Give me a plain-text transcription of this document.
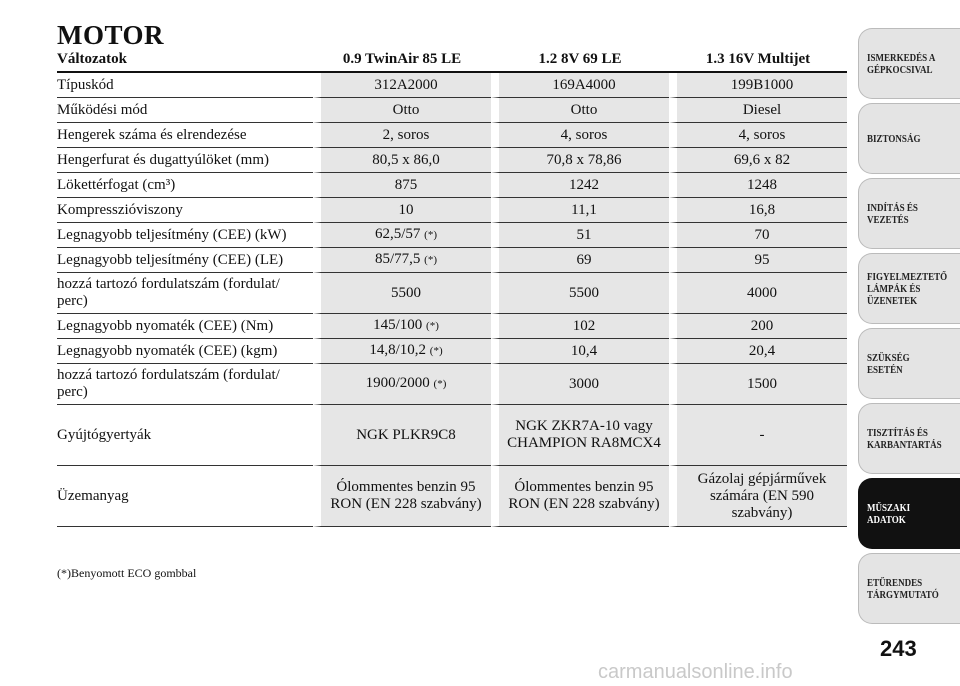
MOTOR
Változatok	0.9 TwinAir 85 LE	1.2 8V 69 LE	1.3 16V Multijet
Típuskód	312A2000	169A4000	199B1000
Működési mód	Otto	Otto	Diesel
Hengerek száma és elrendezése	2, soros	4, soros	4, soros
Hengerfurat és dugattyúlöket (mm)	80,5 x 86,0	70,8 x 78,86	69,6 x 82
Lökettérfogat (cm³)	875	1242	1248
Kompresszióviszony	10	11,1	16,8
Legnagyobb teljesítmény (CEE) (kW)	62,5/57 (*)	51	70
Legnagyobb teljesítmény (CEE) (LE)	85/77,5 (*)	69	95
hozzá tartozó fordulatszám (fordulat/ perc)	5500	5500	4000
Legnagyobb nyomaték (CEE) (Nm)	145/100 (*)	102	200
Legnagyobb nyomaték (CEE) (kgm)	14,8/10,2 (*)	10,4	20,4
hozzá tartozó fordulatszám (fordulat/ perc)	1900/2000 (*)	3000	1500
Gyújtógyertyák	NGK PLKR9C8	NGK ZKR7A-10 vagy CHAMPION RA8MCX4	-
Üzemanyag	Ólommentes benzin 95 RON (EN 228 szabvány)	Ólommentes benzin 95 RON (EN 228 szabvány)	Gázolaj gépjárművek számára (EN 590 szabvány)
(*)Benyomott ECO gombbal
ISMERKEDÉS A
GÉPKOCSIVAL
BIZTONSÁG
INDÍTÁS ÉS
VEZETÉS
FIGYELMEZTETŐ
LÁMPÁK ÉS
ÜZENETEK
SZÜKSÉG ESETÉN
TISZTÍTÁS ÉS
KARBANTARTÁS
MŰSZAKI ADATOK
ETŰRENDES
TÁRGYMUTATÓ
243
carmanualsonline.info
